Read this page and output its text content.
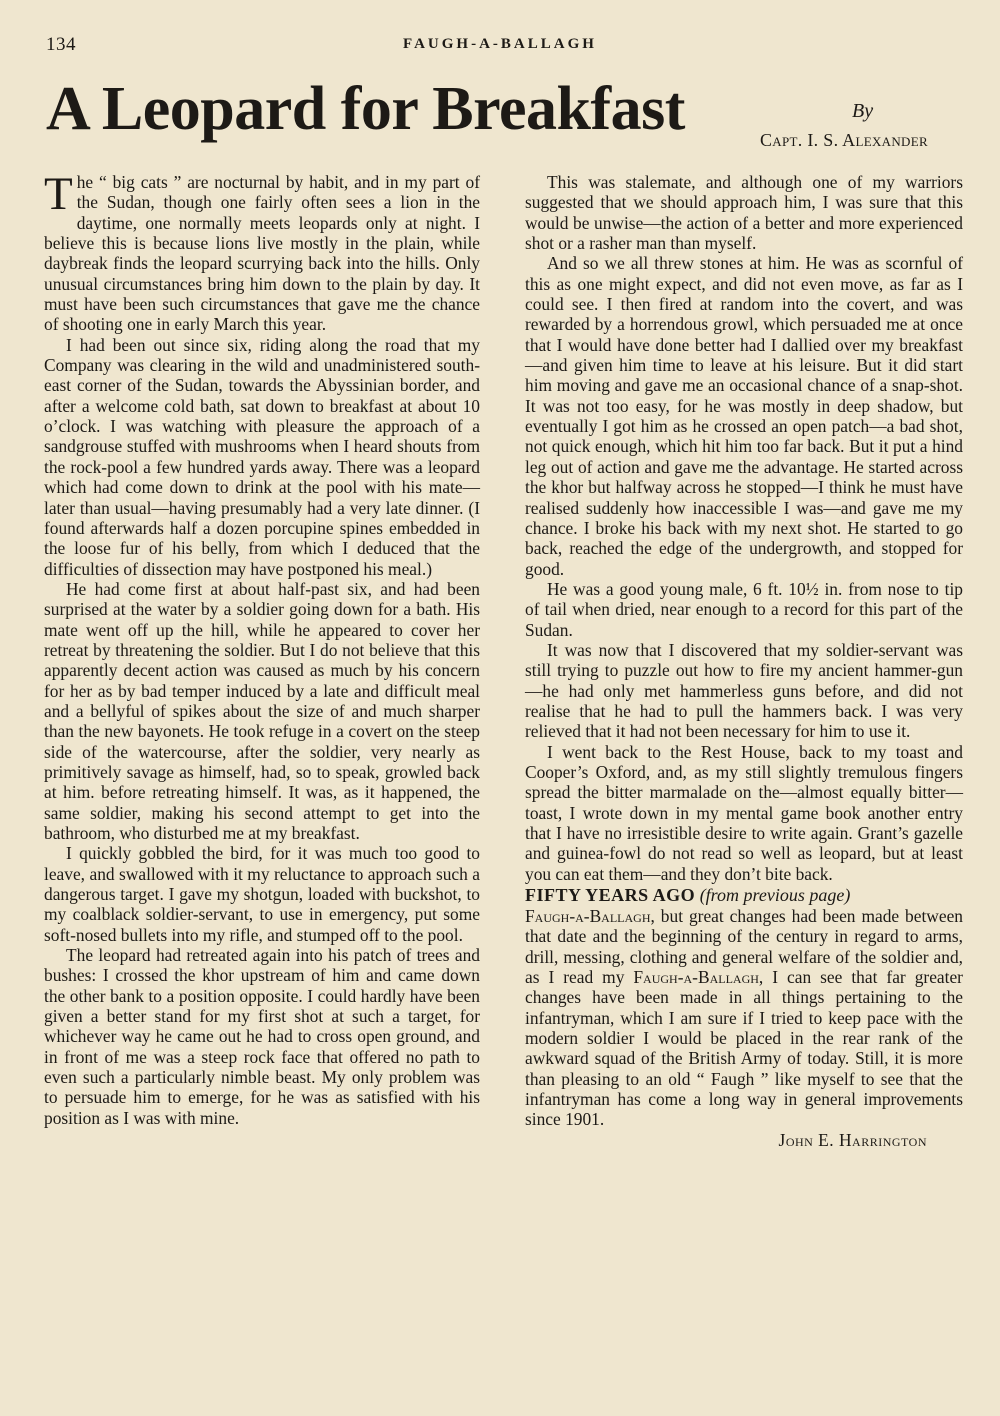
134	FAUGH-A-BALLAGH
A Leopard for Breakfast	By
Capt. I. S. Alexander

The “ big cats ” are nocturnal by habit, and in my part of the Sudan, though one fairly often sees a lion in the daytime, one normally meets leopards only at night. I believe this is because lions live mostly in the plain, while daybreak finds the leopard scurrying back into the hills. Only unusual circumstances bring him down to the plain by day. It must have been such circumstances that gave me the chance of shooting one in early March this year.

I had been out since six, riding along the road that my Company was clearing in the wild and unadministered south-east corner of the Sudan, towards the Abyssinian border, and after a welcome cold bath, sat down to breakfast at about 10 o’clock. I was watching with pleasure the approach of a sandgrouse stuffed with mushrooms when I heard shouts from the rock-pool a few hundred yards away. There was a leopard which had come down to drink at the pool with his mate—later than usual—having presumably had a very late dinner. (I found afterwards half a dozen porcupine spines embedded in the loose fur of his belly, from which I deduced that the difficulties of dissection may have postponed his meal.)

He had come first at about half-past six, and had been surprised at the water by a soldier going down for a bath. His mate went off up the hill, while he appeared to cover her retreat by threatening the soldier. But I do not believe that this apparently decent action was caused as much by his concern for her as by bad temper induced by a late and difficult meal and a bellyful of spikes about the size of and much sharper than the new bayonets. He took refuge in a covert on the steep side of the watercourse, after the soldier, very nearly as primitively savage as himself, had, so to speak, growled back at him. before retreating himself. It was, as it happened, the same soldier, making his second attempt to get into the bathroom, who disturbed me at my breakfast.

I quickly gobbled the bird, for it was much too good to leave, and swallowed with it my reluctance to approach such a dangerous target. I gave my shotgun, loaded with buckshot, to my coalblack soldier-servant, to use in emergency, put some soft-nosed bullets into my rifle, and stumped off to the pool.

The leopard had retreated again into his patch of trees and bushes: I crossed the khor upstream of him and came down the other bank to a position opposite. I could hardly have been given a better stand for my first shot at such a target, for whichever way he came out he had to cross open ground, and in front of me was a steep rock face that offered no path to even such a particularly nimble beast. My only problem was to persuade him to emerge, for he was as satisfied with his position as I was with mine.

This was stalemate, and although one of my warriors suggested that we should approach him, I was sure that this would be unwise—the action of a better and more experienced shot or a rasher man than myself.

And so we all threw stones at him. He was as scornful of this as one might expect, and did not even move, as far as I could see. I then fired at random into the covert, and was rewarded by a horrendous growl, which persuaded me at once that I would have done better had I dallied over my breakfast—and given him time to leave at his leisure. But it did start him moving and gave me an occasional chance of a snap-shot. It was not too easy, for he was mostly in deep shadow, but eventually I got him as he crossed an open patch—a bad shot, not quick enough, which hit him too far back. But it put a hind leg out of action and gave me the advantage. He started across the khor but halfway across he stopped—I think he must have realised suddenly how inaccessible I was—and gave me my chance. I broke his back with my next shot. He started to go back, reached the edge of the undergrowth, and stopped for good.

He was a good young male, 6 ft. 10½ in. from nose to tip of tail when dried, near enough to a record for this part of the Sudan.

It was now that I discovered that my soldier-servant was still trying to puzzle out how to fire my ancient hammer-gun—he had only met hammerless guns before, and did not realise that he had to pull the hammers back. I was very relieved that it had not been necessary for him to use it.

I went back to the Rest House, back to my toast and Cooper’s Oxford, and, as my still slightly tremulous fingers spread the bitter marmalade on the—almost equally bitter—toast, I wrote down in my mental game book another entry that I have no irresistible desire to write again. Grant’s gazelle and guinea-fowl do not read so well as leopard, but at least you can eat them—and they don’t bite back.

FIFTY YEARS AGO (from previous page)

Faugh-a-Ballagh, but great changes had been made between that date and the beginning of the century in regard to arms, drill, messing, clothing and general welfare of the soldier and, as I read my Faugh-a-Ballagh, I can see that far greater changes have been made in all things pertaining to the infantryman, which I am sure if I tried to keep pace with the modern soldier I would be placed in the rear rank of the awkward squad of the British Army of today. Still, it is more than pleasing to an old “ Faugh ” like myself to see that the infantryman has come a long way in general improvements since 1901.

John E. Harrington
